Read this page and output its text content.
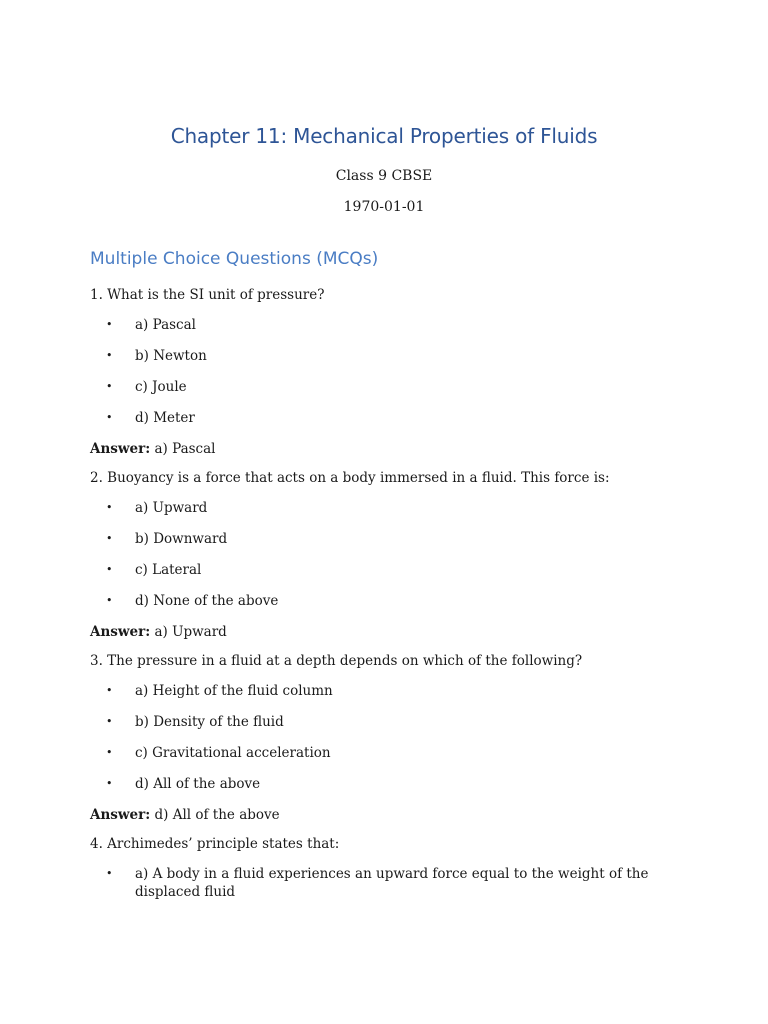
Chapter 11: Mechanical Properties of Fluids
Class 9 CBSE
1970-01-01
Multiple Choice Questions (MCQs)

1. What is the SI unit of pressure?

• a) Pascal
• b) Newton
• c) Joule
• d) Meter

Answer: a) Pascal

2. Buoyancy is a force that acts on a body immersed in a fluid. This force is:

• a) Upward
• b) Downward
• c) Lateral
• d) None of the above

Answer: a) Upward

3. The pressure in a fluid at a depth depends on which of the following?

• a) Height of the fluid column
• b) Density of the fluid
• c) Gravitational acceleration
• d) All of the above

Answer: d) All of the above

4. Archimedes’ principle states that:

• a) A body in a fluid experiences an upward force equal to the weight of the displaced fluid
